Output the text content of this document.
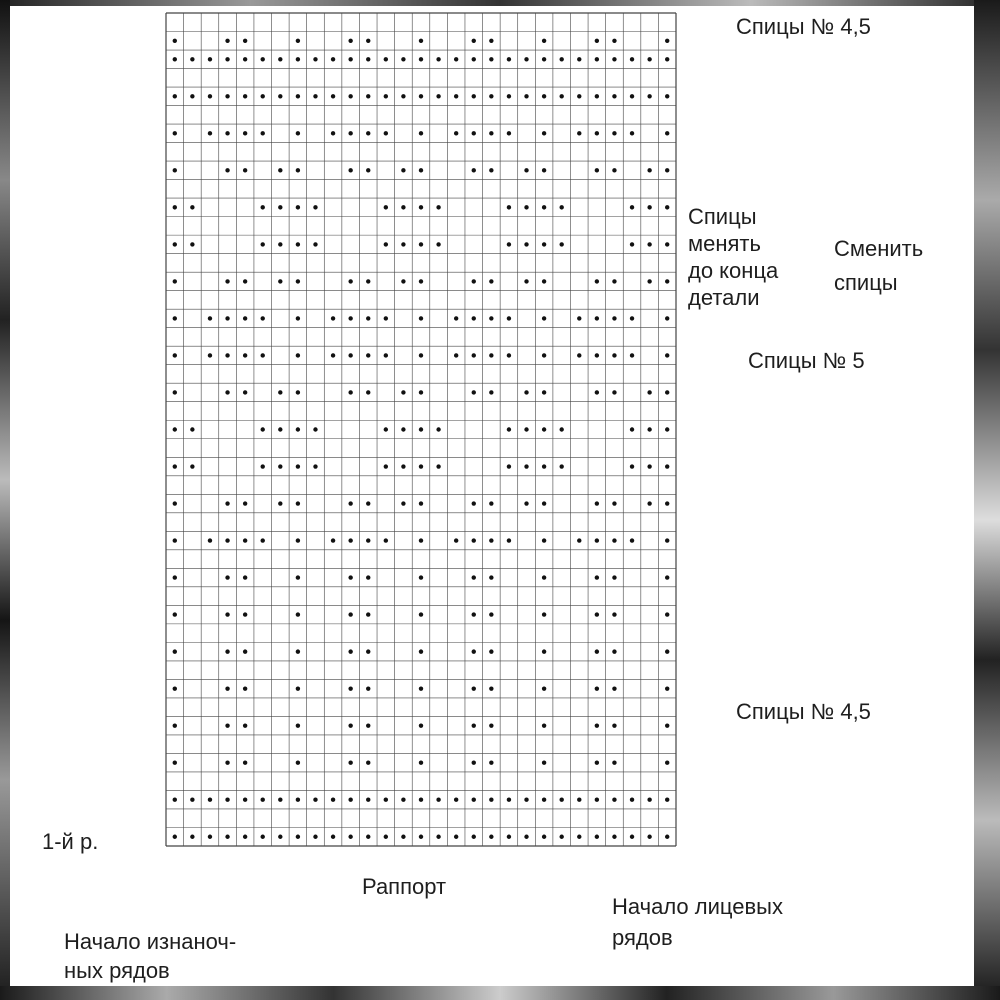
Спицы № 4,5
Спицы № 5
Спицы № 4,5
Сменить
спицы
Спицы
менять
до конца
детали
1-й р.
Раппорт
Начало лицевых
рядов
Начало изнаноч-
ных рядов
